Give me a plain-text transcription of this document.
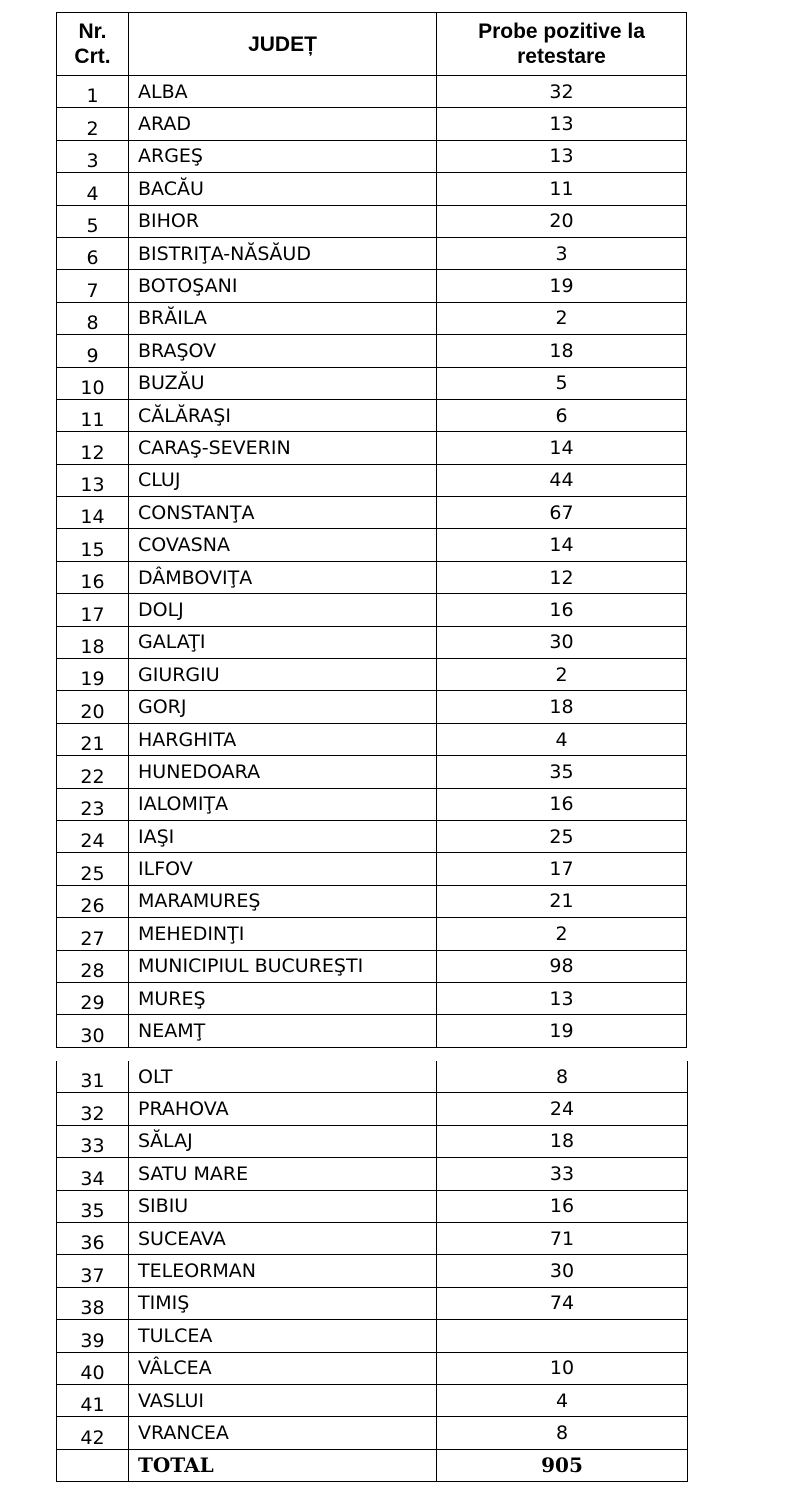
Nr.
Crt.	JUDEȚ	Probe pozitive la retestare

1	ALBA	32
2	ARAD	13
3	ARGEŞ	13
4	BACĂU	11
5	BIHOR	20
6	BISTRIŢA-NĂSĂUD	3
7	BOTOŞANI	19
8	BRĂILA	2
9	BRAŞOV	18
10	BUZĂU	5
11	CĂLĂRAŞI	6
12	CARAŞ-SEVERIN	14
13	CLUJ	44
14	CONSTANŢA	67
15	COVASNA	14
16	DÂMBOVIŢA	12
17	DOLJ	16
18	GALAŢI	30
19	GIURGIU	2
20	GORJ	18
21	HARGHITA	4
22	HUNEDOARA	35
23	IALOMIŢA	16
24	IAŞI	25
25	ILFOV	17
26	MARAMUREŞ	21
27	MEHEDINŢI	2
28	MUNICIPIUL BUCUREŞTI	98
29	MUREŞ	13
30	NEAMŢ	19
31	OLT	8
32	PRAHOVA	24
33	SĂLAJ	18
34	SATU MARE	33
35	SIBIU	16
36	SUCEAVA	71
37	TELEORMAN	30
38	TIMIŞ	74
39	TULCEA	
40	VÂLCEA	10
41	VASLUI	4
42	VRANCEA	8
	TOTAL	905
